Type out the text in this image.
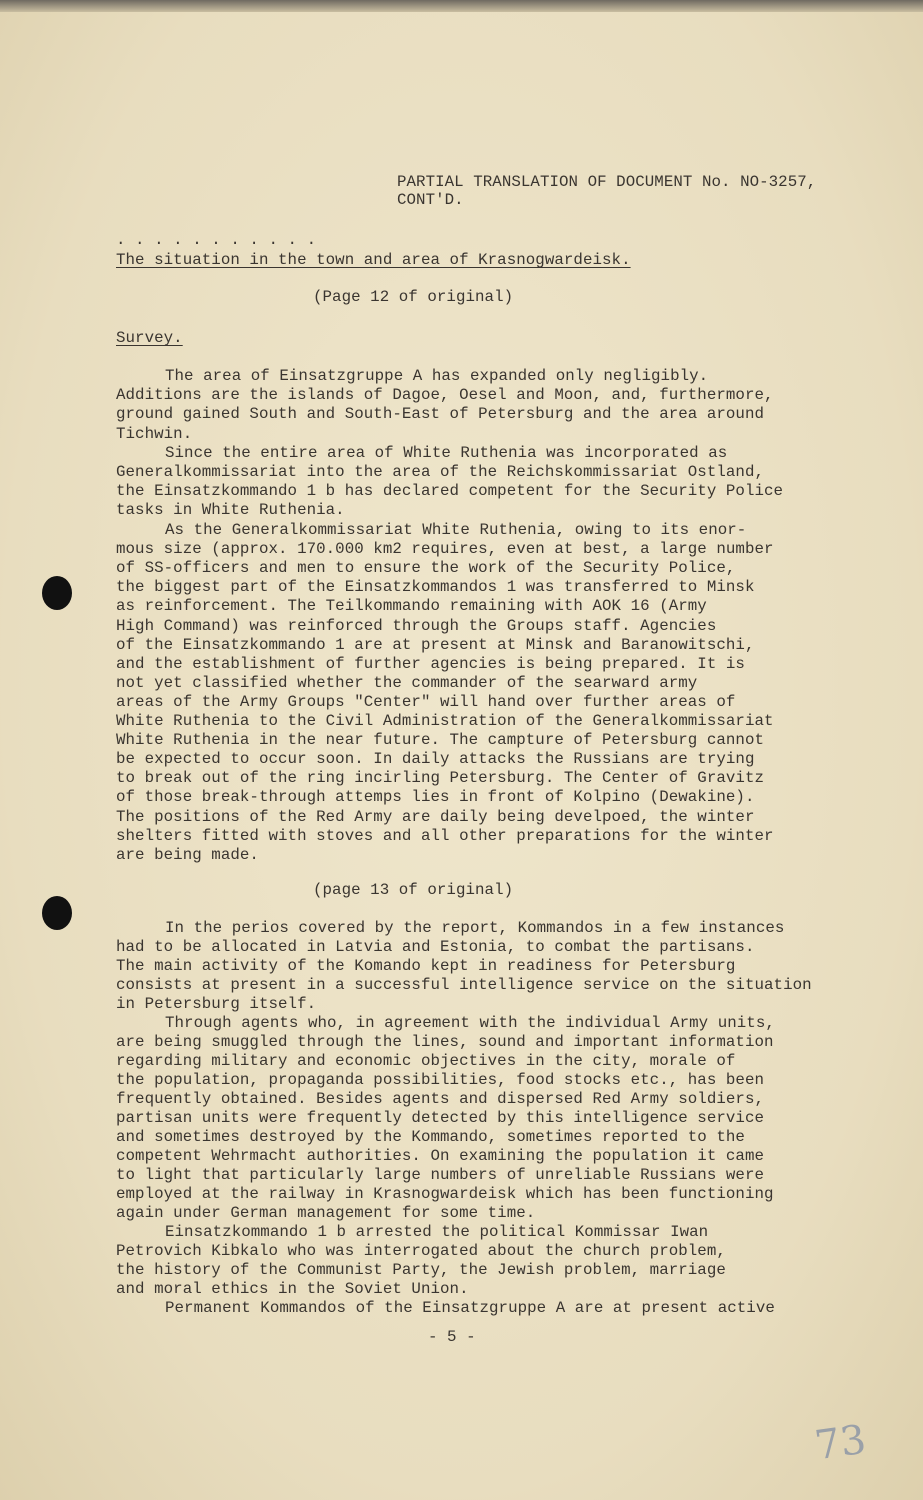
PARTIAL TRANSLATION OF DOCUMENT No. NO-3257,
CONT'D.
. . . . . . . . . . .
The situation in the town and area of Krasnogwardeisk.
(Page 12 of original)
Survey.
The area of Einsatzgruppe A has expanded only negligibly.
Additions are the islands of Dagoe, Oesel and Moon, and, furthermore,
ground gained South and South-East of Petersburg and the area around
Tichwin.
Since the entire area of White Ruthenia was incorporated as
Generalkommissariat into the area of the Reichskommissariat Ostland,
the Einsatzkommando 1 b has declared competent for the Security Police
tasks in White Ruthenia.
As the Generalkommissariat White Ruthenia, owing to its enor-
mous size (approx. 170.000 km2 requires, even at best, a large number
of SS-officers and men to ensure the work of the Security Police,
the biggest part of the Einsatzkommandos 1 was transferred to Minsk
as reinforcement. The Teilkommando remaining with AOK 16 (Army
High Command) was reinforced through the Groups staff. Agencies
of the Einsatzkommando 1 are at present at Minsk and Baranowitschi,
and the establishment of further agencies is being prepared. It is
not yet classified whether the commander of the searward army
areas of the Army Groups "Center" will hand over further areas of
White Ruthenia to the Civil Administration of the Generalkommissariat
White Ruthenia in the near future. The campture of Petersburg cannot
be expected to occur soon. In daily attacks the Russians are trying
to break out of the ring incirling Petersburg. The Center of Gravitz
of those break-through attemps lies in front of Kolpino (Dewakine).
The positions of the Red Army are daily being develpoed, the winter
shelters fitted with stoves and all other preparations for the winter
are being made.
(page 13 of original)
In the perios covered by the report, Kommandos in a few instances
had to be allocated in Latvia and Estonia, to combat the partisans.
The main activity of the Komando kept in readiness for Petersburg
consists at present in a successful intelligence service on the situation
in Petersburg itself.
Through agents who, in agreement with the individual Army units,
are being smuggled through the lines, sound and important information
regarding military and economic objectives in the city, morale of
the population, propaganda possibilities, food stocks etc., has been
frequently obtained. Besides agents and dispersed Red Army soldiers,
partisan units were frequently detected by this intelligence service
and sometimes destroyed by the Kommando, sometimes reported to the
competent Wehrmacht authorities. On examining the population it came
to light that particularly large numbers of unreliable Russians were
employed at the railway in Krasnogwardeisk which has been functioning
again under German management for some time.
Einsatzkommando 1 b arrested the political Kommissar Iwan
Petrovich Kibkalo who was interrogated about the church problem,
the history of the Communist Party, the Jewish problem, marriage
and moral ethics in the Soviet Union.
Permanent Kommandos of the Einsatzgruppe A are at present active
- 5 -
73
